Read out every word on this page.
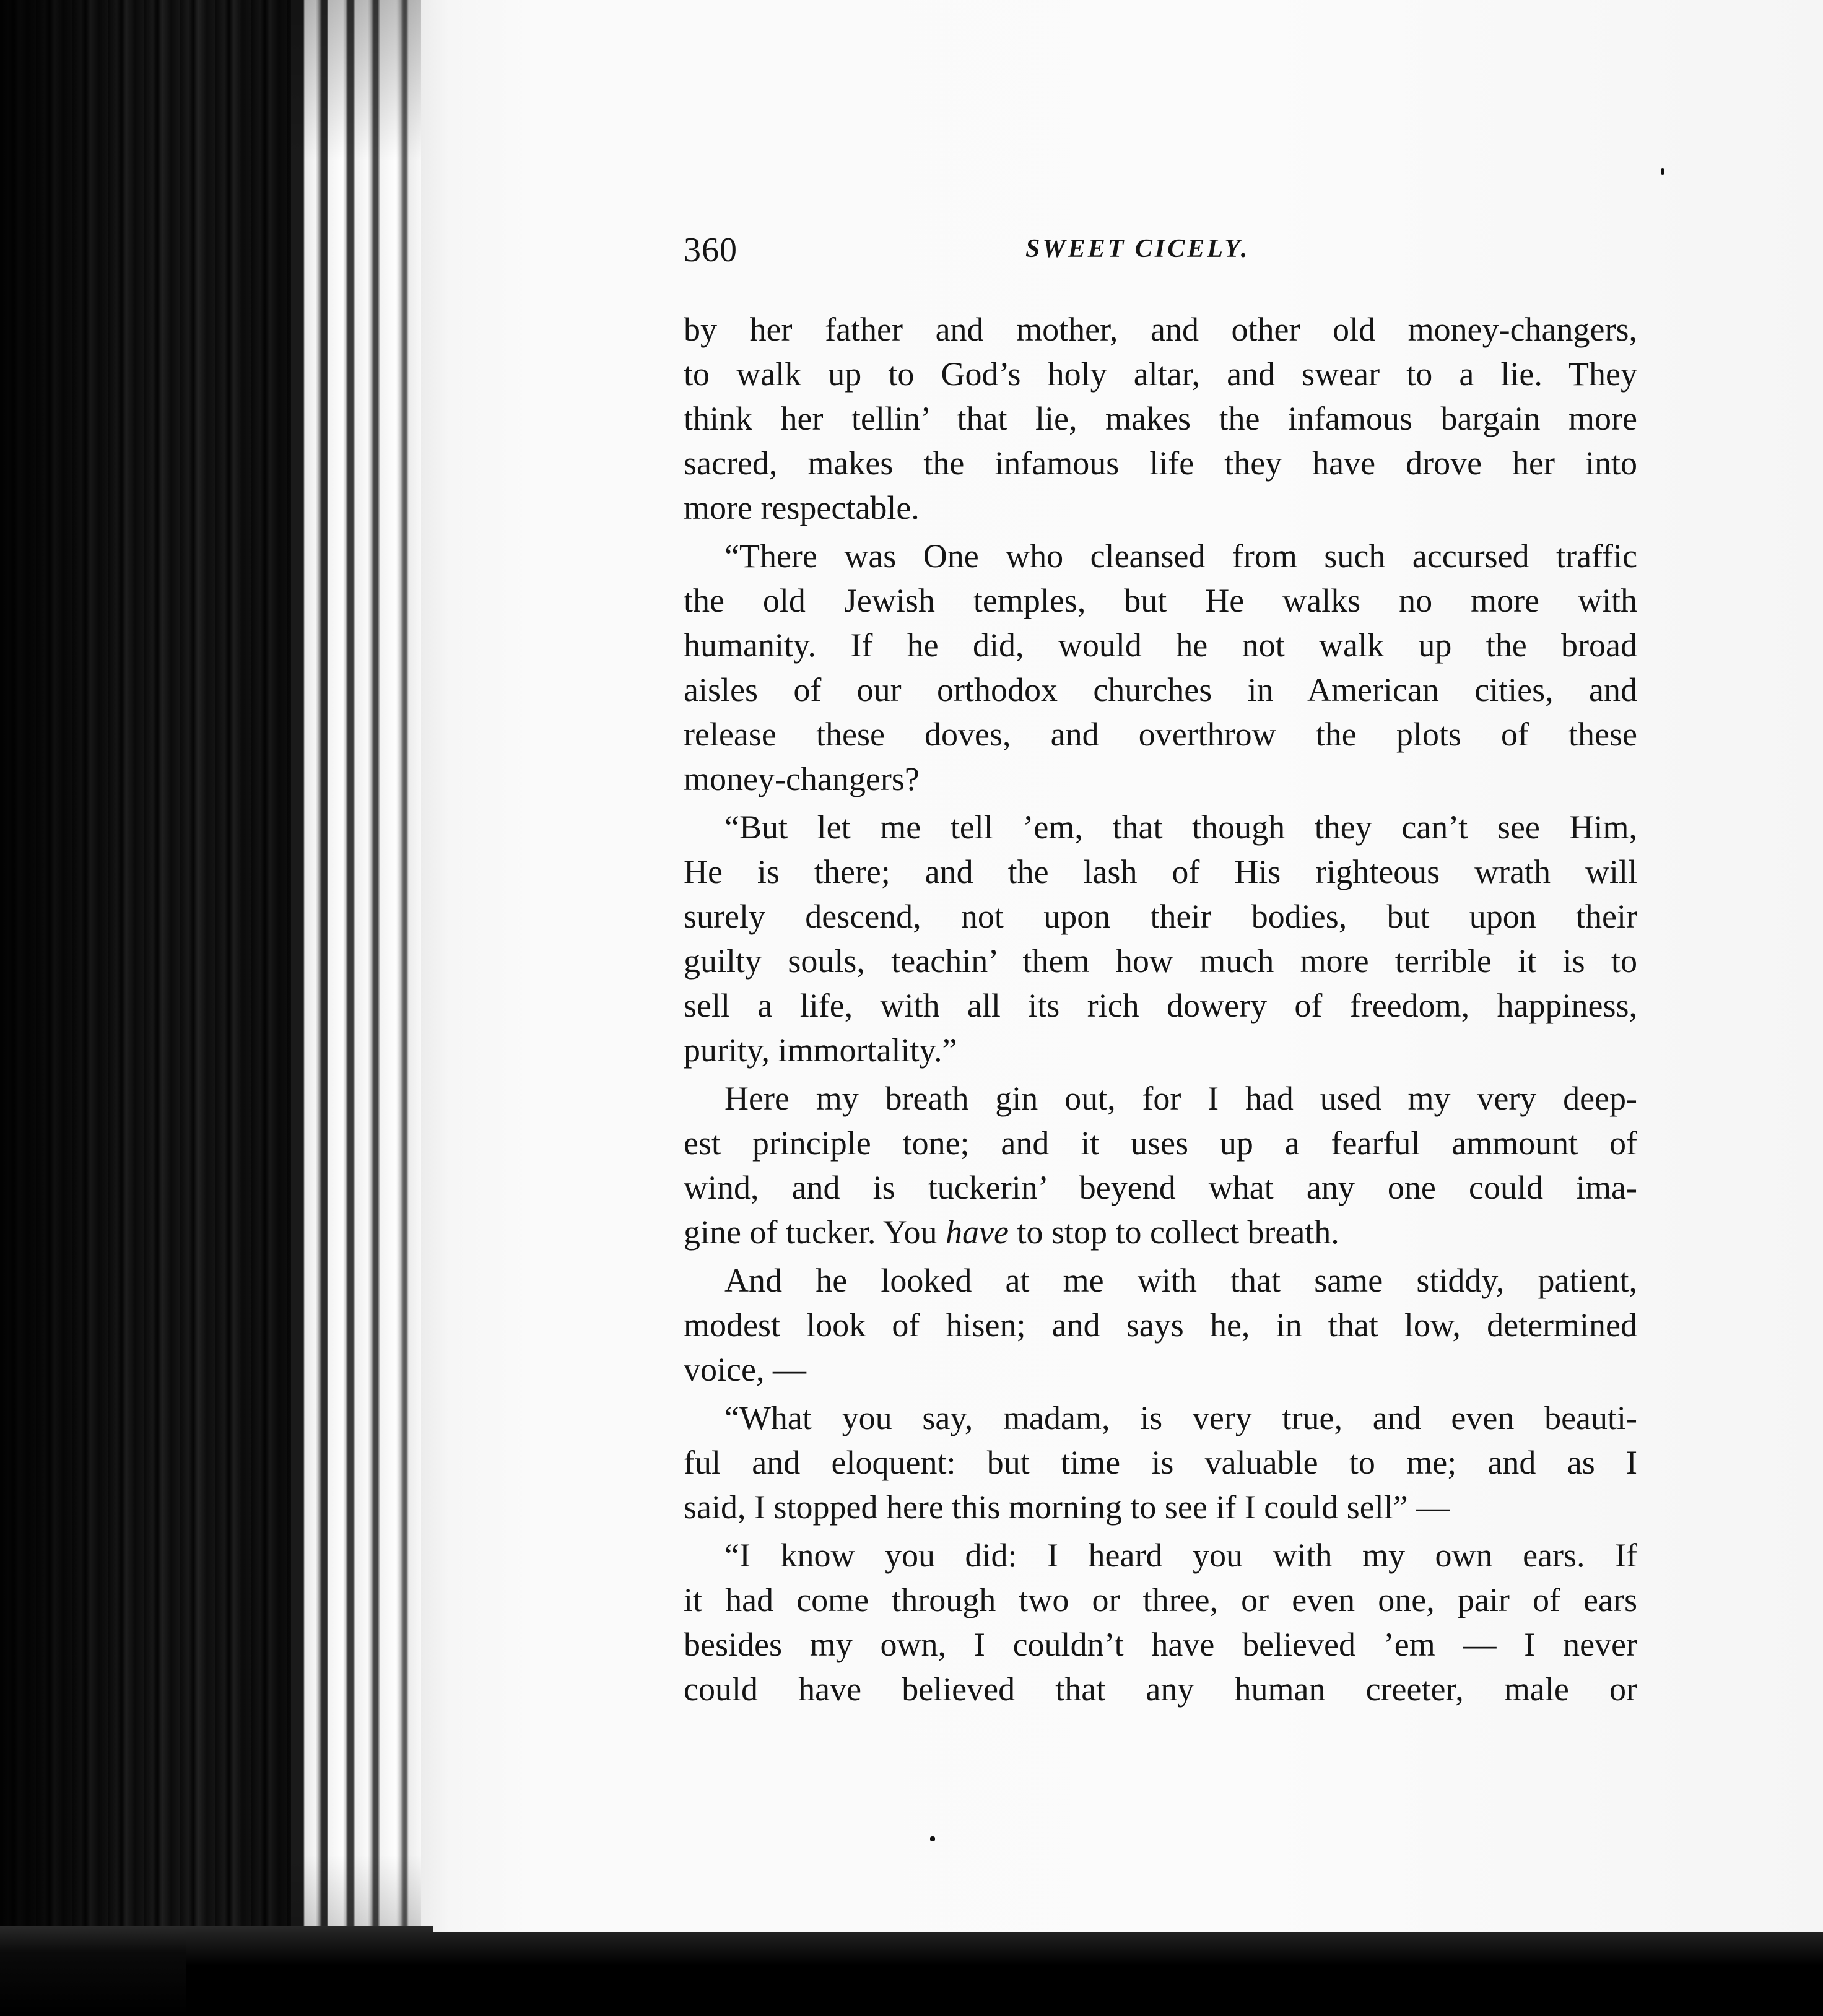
360	SWEET CICELY.
by her father and mother, and other old money-changers,
to walk up to God’s holy altar, and swear to a lie. They
think her tellin’ that lie, makes the infamous bargain more
sacred, makes the infamous life they have drove her into
more respectable.
“There was One who cleansed from such accursed traffic
the old Jewish temples, but He walks no more with
humanity. If he did, would he not walk up the broad
aisles of our orthodox churches in American cities, and
release these doves, and overthrow the plots of these
money-changers?
“But let me tell ’em, that though they can’t see Him,
He is there; and the lash of His righteous wrath will
surely descend, not upon their bodies, but upon their
guilty souls, teachin’ them how much more terrible it is to
sell a life, with all its rich dowery of freedom, happiness,
purity, immortality.”
Here my breath gin out, for I had used my very deep-
est principle tone; and it uses up a fearful ammount of
wind, and is tuckerin’ beyend what any one could ima-
gine of tucker. You have to stop to collect breath.
And he looked at me with that same stiddy, patient,
modest look of hisen; and says he, in that low, determined
voice, —
“What you say, madam, is very true, and even beauti-
ful and eloquent: but time is valuable to me; and as I
said, I stopped here this morning to see if I could sell” —
“I know you did: I heard you with my own ears. If
it had come through two or three, or even one, pair of ears
besides my own, I couldn’t have believed ’em — I never
could have believed that any human creeter, male or
